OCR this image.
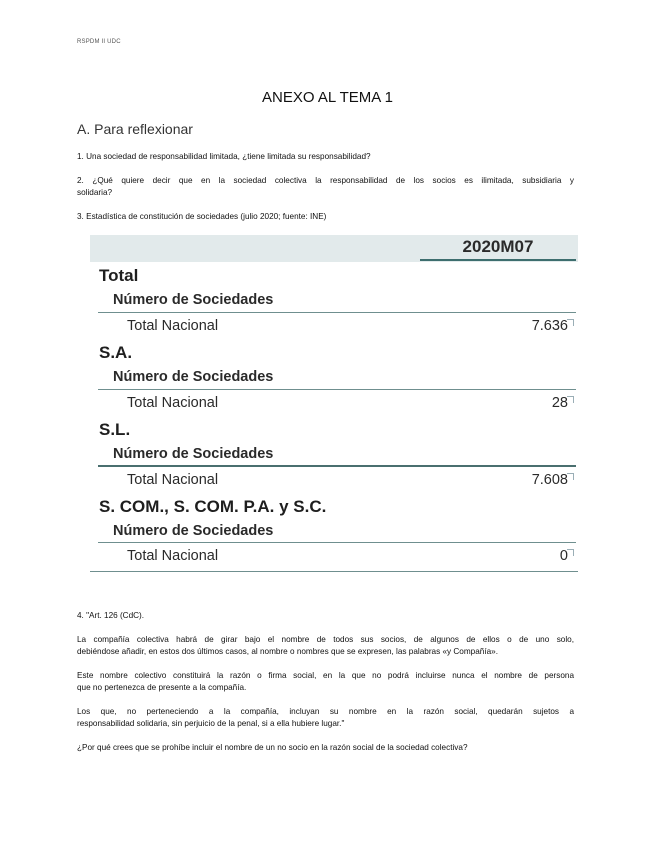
RSPDM II UDC
ANEXO AL TEMA 1
A. Para reflexionar

1. Una sociedad de responsabilidad limitada, ¿tiene limitada su responsabilidad?

2. ¿Qué quiere decir que en la sociedad colectiva la responsabilidad de los socios es ilimitada, subsidiaria y

solidaria?

3. Estadística de constitución de sociedades (julio 2020; fuente: INE)

2020M07
Total
Número de Sociedades
Total Nacional	7.636
S.A.
Número de Sociedades
Total Nacional	28
S.L.
Número de Sociedades
Total Nacional	7.608
S. COM., S. COM. P.A. y S.C.
Número de Sociedades
Total Nacional	0

4. "Art. 126 (CdC).

La compañía colectiva habrá de girar bajo el nombre de todos sus socios, de algunos de ellos o de uno solo,

debiéndose añadir, en estos dos últimos casos, al nombre o nombres que se expresen, las palabras «y Compañía».

Este nombre colectivo constituirá la razón o firma social, en la que no podrá incluirse nunca el nombre de persona

que no pertenezca de presente a la compañía.

Los que, no perteneciendo a la compañía, incluyan su nombre en la razón social, quedarán sujetos a

responsabilidad solidaria, sin perjuicio de la penal, si a ella hubiere lugar."

¿Por qué crees que se prohíbe incluir el nombre de un no socio en la razón social de la sociedad colectiva?
